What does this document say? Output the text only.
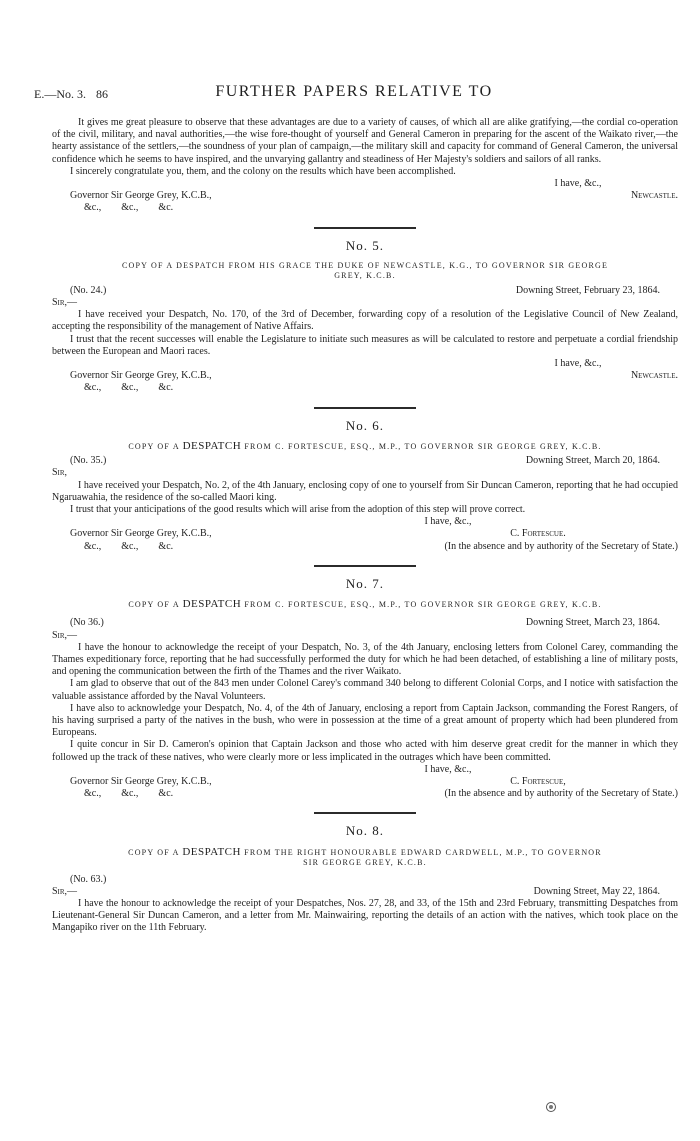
E.—No. 3. 86	FURTHER PAPERS RELATIVE TO

It gives me great pleasure to observe that these advantages are due to a variety of causes, of which all are alike gratifying,—the cordial co-operation of the civil, military, and naval authorities,—the wise fore-thought of yourself and General Cameron in preparing for the ascent of the Waikato river,—the hearty assistance of the settlers,—the soundness of your plan of campaign,—the military skill and capacity for command of General Cameron, the universal confidence which he seems to have inspired, and the unvarying gallantry and steadiness of Her Majesty's soldiers and sailors of all ranks.

I sincerely congratulate you, them, and the colony on the results which have been accomplished.

I have, &c.,
Governor Sir George Grey, K.C.B.,	Newcastle.
&c.,        &c.,        &c.
No. 5.
COPY OF A DESPATCH FROM HIS GRACE THE DUKE OF NEWCASTLE, K.G., TO GOVERNOR SIR GEORGE
GREY, K.C.B.
(No. 24.)	Downing Street, February 23, 1864.
Sir,—

I have received your Despatch, No. 170, of the 3rd of December, forwarding copy of a resolution of the Legislative Council of New Zealand, accepting the responsibility of the management of Native Affairs.

I trust that the recent successes will enable the Legislature to initiate such measures as will be calculated to restore and perpetuate a cordial friendship between the European and Maori races.

I have, &c.,
Governor Sir George Grey, K.C.B.,	Newcastle.
&c.,        &c.,        &c.
No. 6.
COPY OF A DESPATCH FROM C. FORTESCUE, ESQ., M.P., TO GOVERNOR SIR GEORGE GREY, K.C.B.
(No. 35.)	Downing Street, March 20, 1864.
Sir,

I have received your Despatch, No. 2, of the 4th January, enclosing copy of one to yourself from Sir Duncan Cameron, reporting that he had occupied Ngaruawahia, the residence of the so-called Maori king.

I trust that your anticipations of the good results which will arise from the adoption of this step will prove correct.

I have, &c.,
Governor Sir George Grey, K.C.B.,	C. Fortescue.
&c.,        &c.,        &c.	(In the absence and by authority of the Secretary of State.)
No. 7.
COPY OF A DESPATCH FROM C. FORTESCUE, ESQ., M.P., TO GOVERNOR SIR GEORGE GREY, K.C.B.
(No 36.)	Downing Street, March 23, 1864.
Sir,—

I have the honour to acknowledge the receipt of your Despatch, No. 3, of the 4th January, enclosing letters from Colonel Carey, commanding the Thames expeditionary force, reporting that he had successfully performed the duty for which he had been detached, of establishing a line of military posts, and opening the communication between the firth of the Thames and the river Waikato.

I am glad to observe that out of the 843 men under Colonel Carey's command 340 belong to different Colonial Corps, and I notice with satisfaction the valuable assistance afforded by the Naval Volunteers.

I have also to acknowledge your Despatch, No. 4, of the 4th of January, enclosing a report from Captain Jackson, commanding the Forest Rangers, of his having surprised a party of the natives in the bush, who were in possession at the time of a great amount of property which had been plundered from Europeans.

I quite concur in Sir D. Cameron's opinion that Captain Jackson and those who acted with him deserve great credit for the manner in which they followed up the track of these natives, who were clearly more or less implicated in the outrages which have been committed.

I have, &c.,
Governor Sir George Grey, K.C.B.,	C. Fortescue,
&c.,        &c.,        &c.	(In the absence and by authority of the Secretary of State.)
No. 8.
COPY OF A DESPATCH FROM THE RIGHT HONOURABLE EDWARD CARDWELL, M.P., TO GOVERNOR
SIR GEORGE GREY, K.C.B.
(No. 63.)
Sir,—	Downing Street, May 22, 1864.

I have the honour to acknowledge the receipt of your Despatches, Nos. 27, 28, and 33, of the 15th and 23rd February, transmitting Despatches from Lieutenant-General Sir Duncan Cameron, and a letter from Mr. Mainwairing, reporting the details of an action with the natives, which took place on the Mangapiko river on the 11th February.
